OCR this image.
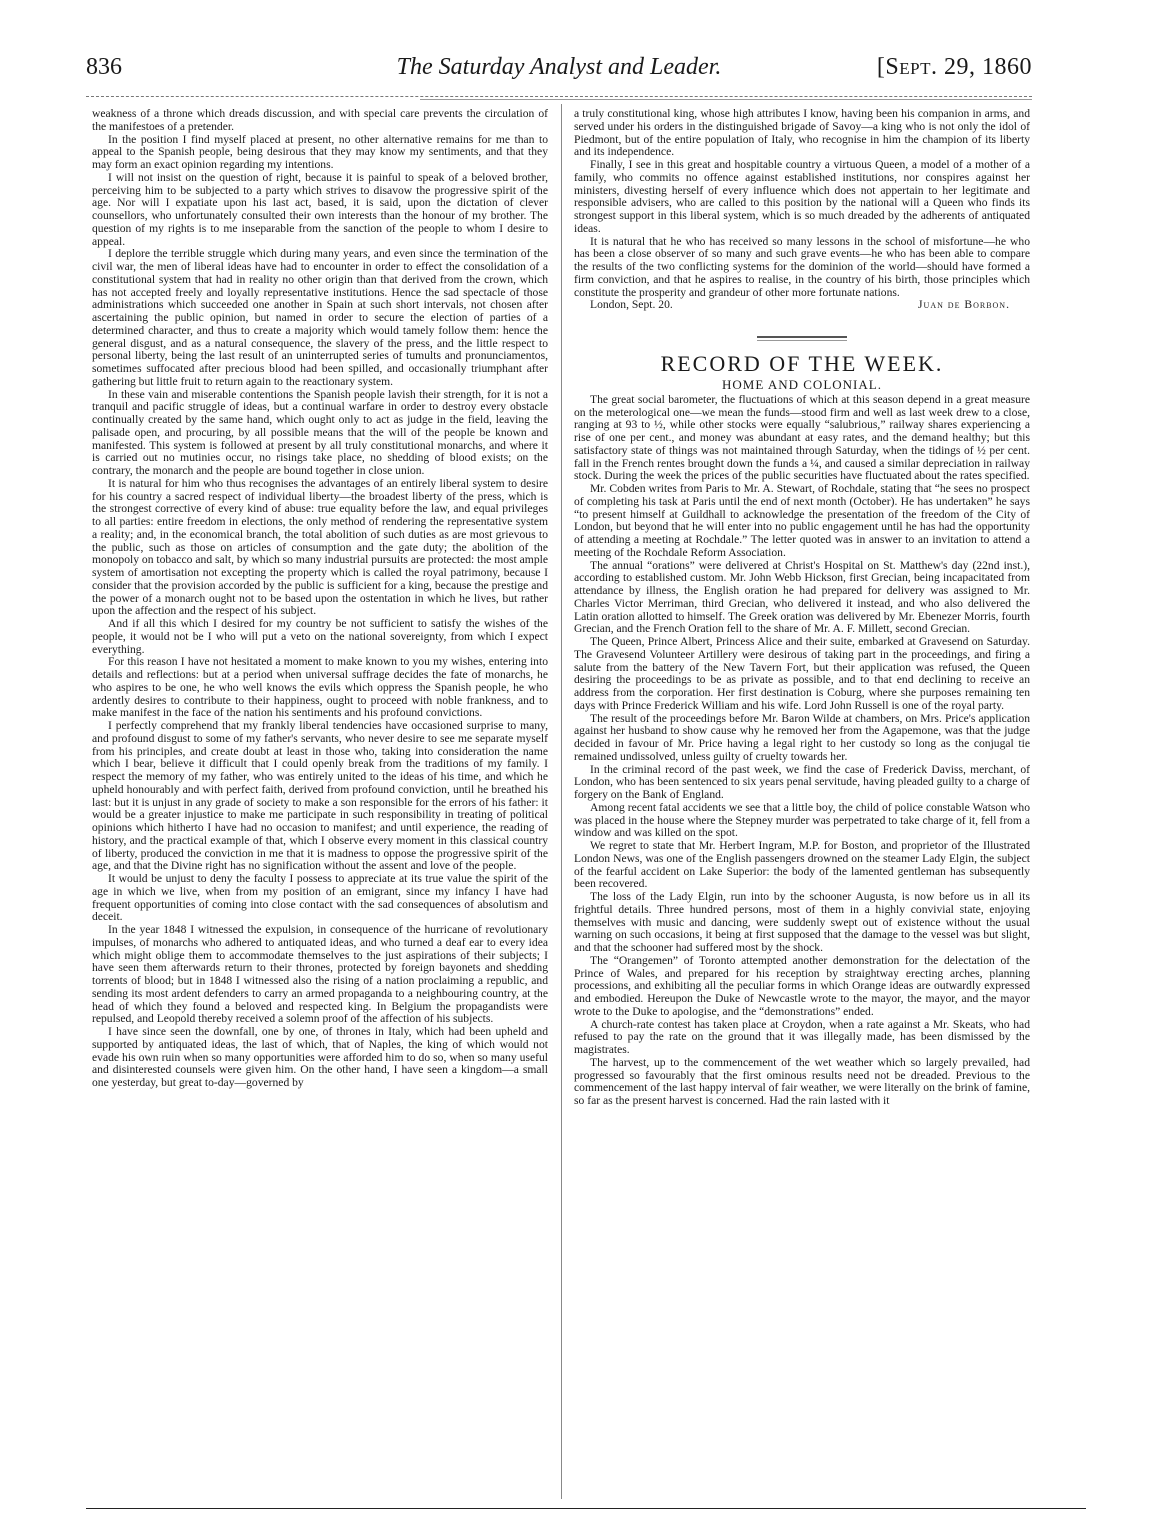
836	The Saturday Analyst and Leader.	[Sept. 29, 1860

weakness of a throne which dreads discussion, and with special care prevents the circulation of the manifestoes of a pretender.

In the position I find myself placed at present, no other alternative remains for me than to appeal to the Spanish people, being desirous that they may know my sentiments, and that they may form an exact opinion regarding my intentions.

I will not insist on the question of right, because it is painful to speak of a beloved brother, perceiving him to be subjected to a party which strives to disavow the progressive spirit of the age. Nor will I expatiate upon his last act, based, it is said, upon the dictation of clever counsellors, who unfortunately consulted their own interests than the honour of my brother. The question of my rights is to me inseparable from the sanction of the people to whom I desire to appeal.

I deplore the terrible struggle which during many years, and even since the termination of the civil war, the men of liberal ideas have had to encounter in order to effect the consolidation of a constitutional system that had in reality no other origin than that derived from the crown, which has not accepted freely and loyally representative institutions. Hence the sad spectacle of those administrations which succeeded one another in Spain at such short intervals, not chosen after ascertaining the public opinion, but named in order to secure the election of parties of a determined character, and thus to create a majority which would tamely follow them: hence the general disgust, and as a natural consequence, the slavery of the press, and the little respect to personal liberty, being the last result of an uninterrupted series of tumults and pronunciamentos, sometimes suffocated after precious blood had been spilled, and occasionally triumphant after gathering but little fruit to return again to the reactionary system.

In these vain and miserable contentions the Spanish people lavish their strength, for it is not a tranquil and pacific struggle of ideas, but a continual warfare in order to destroy every obstacle continually created by the same hand, which ought only to act as judge in the field, leaving the palisade open, and procuring, by all possible means that the will of the people be known and manifested. This system is followed at present by all truly constitutional monarchs, and where it is carried out no mutinies occur, no risings take place, no shedding of blood exists; on the contrary, the monarch and the people are bound together in close union.

It is natural for him who thus recognises the advantages of an entirely liberal system to desire for his country a sacred respect of individual liberty—the broadest liberty of the press, which is the strongest corrective of every kind of abuse: true equality before the law, and equal privileges to all parties: entire freedom in elections, the only method of rendering the representative system a reality; and, in the economical branch, the total abolition of such duties as are most grievous to the public, such as those on articles of consumption and the gate duty; the abolition of the monopoly on tobacco and salt, by which so many industrial pursuits are protected: the most ample system of amortisation not excepting the property which is called the royal patrimony, because I consider that the provision accorded by the public is sufficient for a king, because the prestige and the power of a monarch ought not to be based upon the ostentation in which he lives, but rather upon the affection and the respect of his subject.

And if all this which I desired for my country be not sufficient to satisfy the wishes of the people, it would not be I who will put a veto on the national sovereignty, from which I expect everything.

For this reason I have not hesitated a moment to make known to you my wishes, entering into details and reflections: but at a period when universal suffrage decides the fate of monarchs, he who aspires to be one, he who well knows the evils which oppress the Spanish people, he who ardently desires to contribute to their happiness, ought to proceed with noble frankness, and to make manifest in the face of the nation his sentiments and his profound convictions.

I perfectly comprehend that my frankly liberal tendencies have occasioned surprise to many, and profound disgust to some of my father's servants, who never desire to see me separate myself from his principles, and create doubt at least in those who, taking into consideration the name which I bear, believe it difficult that I could openly break from the traditions of my family. I respect the memory of my father, who was entirely united to the ideas of his time, and which he upheld honourably and with perfect faith, derived from profound conviction, until he breathed his last: but it is unjust in any grade of society to make a son responsible for the errors of his father: it would be a greater injustice to make me participate in such responsibility in treating of political opinions which hitherto I have had no occasion to manifest; and until experience, the reading of history, and the practical example of that, which I observe every moment in this classical country of liberty, produced the conviction in me that it is madness to oppose the progressive spirit of the age, and that the Divine right has no signification without the assent and love of the people.

It would be unjust to deny the faculty I possess to appreciate at its true value the spirit of the age in which we live, when from my position of an emigrant, since my infancy I have had frequent opportunities of coming into close contact with the sad consequences of absolutism and deceit.

In the year 1848 I witnessed the expulsion, in consequence of the hurricane of revolutionary impulses, of monarchs who adhered to antiquated ideas, and who turned a deaf ear to every idea which might oblige them to accommodate themselves to the just aspirations of their subjects; I have seen them afterwards return to their thrones, protected by foreign bayonets and shedding torrents of blood; but in 1848 I witnessed also the rising of a nation proclaiming a republic, and sending its most ardent defenders to carry an armed propaganda to a neighbouring country, at the head of which they found a beloved and respected king. In Belgium the propagandists were repulsed, and Leopold thereby received a solemn proof of the affection of his subjects.

I have since seen the downfall, one by one, of thrones in Italy, which had been upheld and supported by antiquated ideas, the last of which, that of Naples, the king of which would not evade his own ruin when so many opportunities were afforded him to do so, when so many useful and disinterested counsels were given him. On the other hand, I have seen a kingdom—a small one yesterday, but great to-day—governed by

a truly constitutional king, whose high attributes I know, having been his companion in arms, and served under his orders in the distinguished brigade of Savoy—a king who is not only the idol of Piedmont, but of the entire population of Italy, who recognise in him the champion of its liberty and its independence.

Finally, I see in this great and hospitable country a virtuous Queen, a model of a mother of a family, who commits no offence against established institutions, nor conspires against her ministers, divesting herself of every influence which does not appertain to her legitimate and responsible advisers, who are called to this position by the national will a Queen who finds its strongest support in this liberal system, which is so much dreaded by the adherents of antiquated ideas.

It is natural that he who has received so many lessons in the school of misfortune—he who has been a close observer of so many and such grave events—he who has been able to compare the results of the two conflicting systems for the dominion of the world—should have formed a firm conviction, and that he aspires to realise, in the country of his birth, those principles which constitute the prosperity and grandeur of other more fortunate nations.

London, Sept. 20.	Juan de Borbon.
RECORD OF THE WEEK.
HOME AND COLONIAL.

The great social barometer, the fluctuations of which at this season depend in a great measure on the meterological one—we mean the funds—stood firm and well as last week drew to a close, ranging at 93 to ½, while other stocks were equally “salubrious,” railway shares experiencing a rise of one per cent., and money was abundant at easy rates, and the demand healthy; but this satisfactory state of things was not maintained through Saturday, when the tidings of ½ per cent. fall in the French rentes brought down the funds a ¼, and caused a similar depreciation in railway stock. During the week the prices of the public securities have fluctuated about the rates specified.

Mr. Cobden writes from Paris to Mr. A. Stewart, of Rochdale, stating that “he sees no prospect of completing his task at Paris until the end of next month (October). He has undertaken” he says “to present himself at Guildhall to acknowledge the presentation of the freedom of the City of London, but beyond that he will enter into no public engagement until he has had the opportunity of attending a meeting at Rochdale.” The letter quoted was in answer to an invitation to attend a meeting of the Rochdale Reform Association.

The annual “orations” were delivered at Christ's Hospital on St. Matthew's day (22nd inst.), according to established custom. Mr. John Webb Hickson, first Grecian, being incapacitated from attendance by illness, the English oration he had prepared for delivery was assigned to Mr. Charles Victor Merriman, third Grecian, who delivered it instead, and who also delivered the Latin oration allotted to himself. The Greek oration was delivered by Mr. Ebenezer Morris, fourth Grecian, and the French Oration fell to the share of Mr. A. F. Millett, second Grecian.

The Queen, Prince Albert, Princess Alice and their suite, embarked at Gravesend on Saturday. The Gravesend Volunteer Artillery were desirous of taking part in the proceedings, and firing a salute from the battery of the New Tavern Fort, but their application was refused, the Queen desiring the proceedings to be as private as possible, and to that end declining to receive an address from the corporation. Her first destination is Coburg, where she purposes remaining ten days with Prince Frederick William and his wife. Lord John Russell is one of the royal party.

The result of the proceedings before Mr. Baron Wilde at chambers, on Mrs. Price's application against her husband to show cause why he removed her from the Agapemone, was that the judge decided in favour of Mr. Price having a legal right to her custody so long as the conjugal tie remained undissolved, unless guilty of cruelty towards her.

In the criminal record of the past week, we find the case of Frederick Daviss, merchant, of London, who has been sentenced to six years penal servitude, having pleaded guilty to a charge of forgery on the Bank of England.

Among recent fatal accidents we see that a little boy, the child of police constable Watson who was placed in the house where the Stepney murder was perpetrated to take charge of it, fell from a window and was killed on the spot.

We regret to state that Mr. Herbert Ingram, M.P. for Boston, and proprietor of the Illustrated London News, was one of the English passengers drowned on the steamer Lady Elgin, the subject of the fearful accident on Lake Superior: the body of the lamented gentleman has subsequently been recovered.

The loss of the Lady Elgin, run into by the schooner Augusta, is now before us in all its frightful details. Three hundred persons, most of them in a highly convivial state, enjoying themselves with music and dancing, were suddenly swept out of existence without the usual warning on such occasions, it being at first supposed that the damage to the vessel was but slight, and that the schooner had suffered most by the shock.

The “Orangemen” of Toronto attempted another demonstration for the delectation of the Prince of Wales, and prepared for his reception by straightway erecting arches, planning processions, and exhibiting all the peculiar forms in which Orange ideas are outwardly expressed and embodied. Hereupon the Duke of Newcastle wrote to the mayor, the mayor, and the mayor wrote to the Duke to apologise, and the “demonstrations” ended.

A church-rate contest has taken place at Croydon, when a rate against a Mr. Skeats, who had refused to pay the rate on the ground that it was illegally made, has been dismissed by the magistrates.

The harvest, up to the commencement of the wet weather which so largely prevailed, had progressed so favourably that the first ominous results need not be dreaded. Previous to the commencement of the last happy interval of fair weather, we were literally on the brink of famine, so far as the present harvest is concerned. Had the rain lasted with it
